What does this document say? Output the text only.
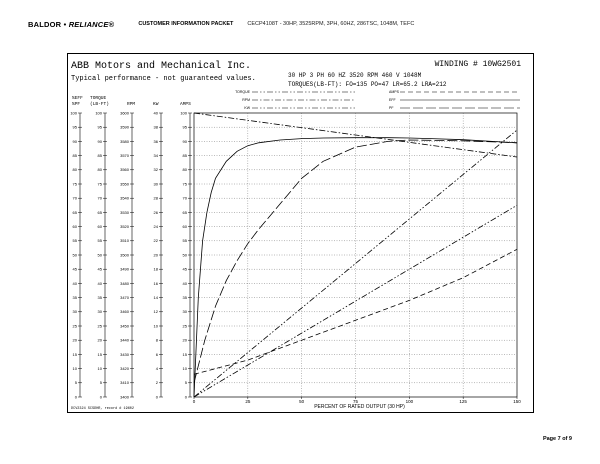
BALDOR • RELIANCE®	CUSTOMER INFORMATION PACKET	CECP4108T - 30HP, 3525RPM, 3PH, 60HZ, 286TSC, 1048M, TEFC
ABB Motors and Mechanical Inc.
Typical performance - not guaranteed values.
WINDING # 10WG2501
30 HP 3 PH 60 HZ 3520 RPM 460 V 1048M
TORQUES(LB-FT): FO=135 PO=47 LR=65.2 LRA=212
TORQUE
RPM
KW
AMPS
EFF
PF
%EFF
%PF
TORQUE
(LB-FT)	RPM	KW	AMPS
0
5
10
15
20
25
30
35
40
45
50
55
60
65
70
75
80
85
90
95
100
0
5
10
15
20
25
30
35
40
45
50
55
60
65
70
75
80
85
90
95
100
3400
3410
3420
3430
3440
3450
3460
3470
3480
3490
3500
3510
3520
3530
3540
3550
3560
3570
3580
3590
3600
0
2
4
6
8
10
12
14
16
18
20
22
24
26
28
30
32
34
36
38
40
0
5
10
15
20
25
30
35
40
45
50
55
60
65
70
75
80
85
90
95
100
0	25	50	75	100	125	150
PERCENT OF RATED OUTPUT (30 HP)
DCV2324 SCSDHR, record # 19602
Page 7 of 9
